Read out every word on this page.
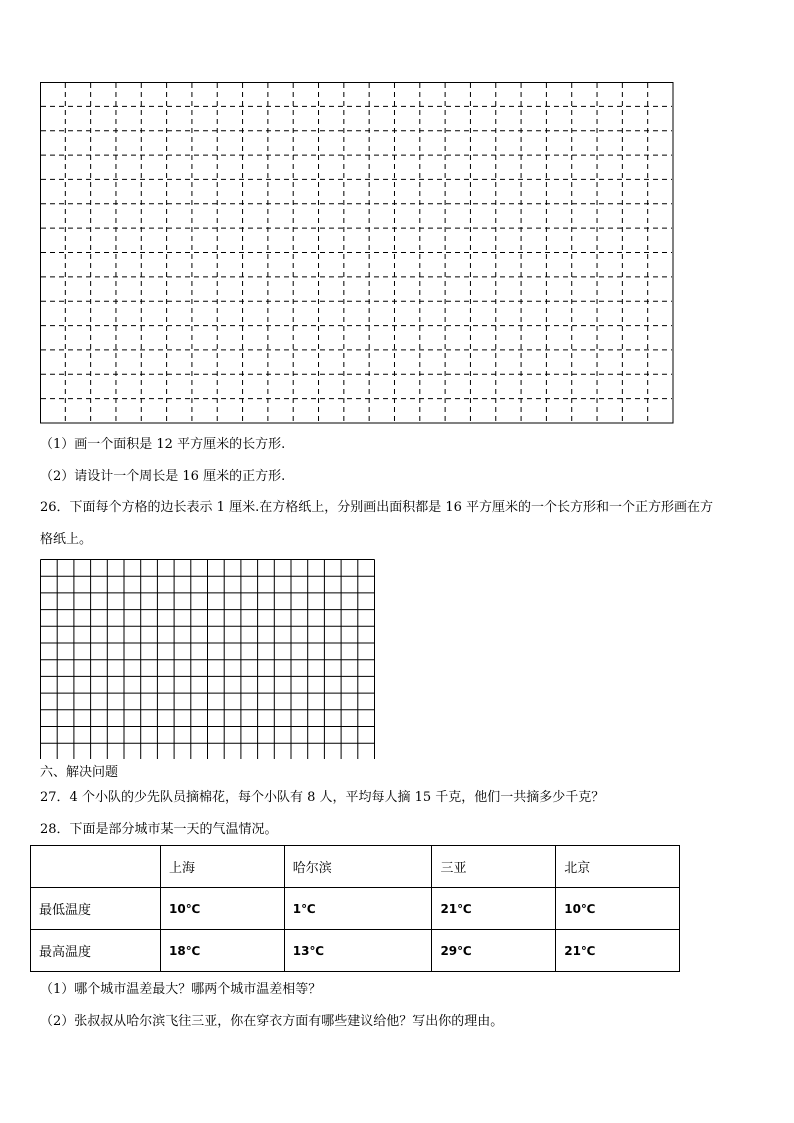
（1）画一个面积是 12 平方厘米的长方形.
（2）请设计一个周长是 16 厘米的正方形.
26．下面每个方格的边长表示 1 厘米.在方格纸上，分别画出面积都是 16 平方厘米的一个长方形和一个正方形画在方
格纸上。
六、解决问题
27．4 个小队的少先队员摘棉花，每个小队有 8 人，平均每人摘 15 千克，他们一共摘多少千克？
28．下面是部分城市某一天的气温情况。
	上海	哈尔滨	三亚	北京
最低温度	10℃	1℃	21℃	10℃
最高温度	18℃	13℃	29℃	21℃
（1）哪个城市温差最大？哪两个城市温差相等？
（2）张叔叔从哈尔滨飞往三亚，你在穿衣方面有哪些建议给他？写出你的理由。
